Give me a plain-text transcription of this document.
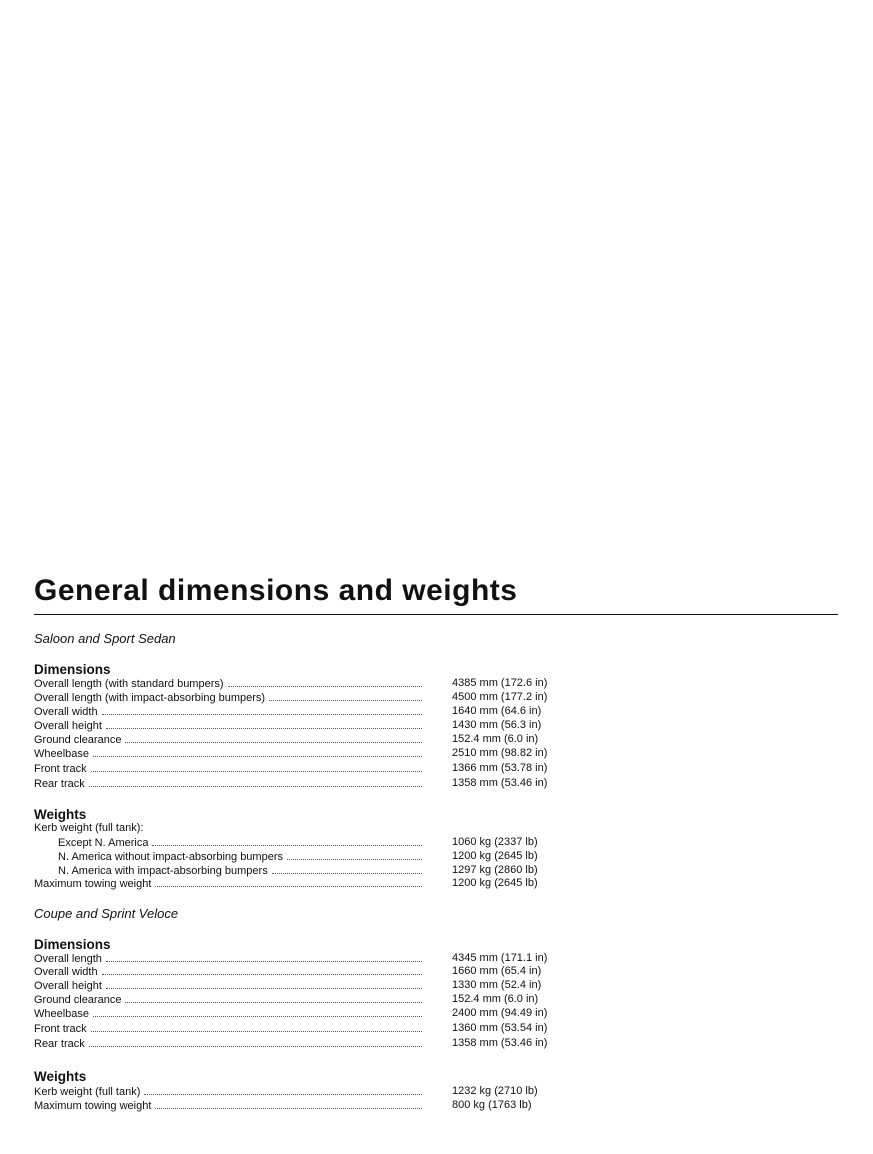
General dimensions and weights
Saloon and Sport Sedan
Dimensions
Overall length (with standard bumpers)	4385 mm (172.6 in)
Overall length (with impact-absorbing bumpers)	4500 mm (177.2 in)
Overall width	1640 mm (64.6 in)
Overall height	1430 mm (56.3 in)
Ground clearance	152.4 mm (6.0 in)
Wheelbase	2510 mm (98.82 in)
Front track	1366 mm (53.78 in)
Rear track	1358 mm (53.46 in)
Weights
Kerb weight (full tank):
Except N. America	1060 kg (2337 lb)
N. America without impact-absorbing bumpers	1200 kg (2645 lb)
N. America with impact-absorbing bumpers	1297 kg (2860 lb)
Maximum towing weight	1200 kg (2645 lb)
Coupe and Sprint Veloce
Dimensions
Overall length	4345 mm (171.1 in)
Overall width	1660 mm (65.4 in)
Overall height	1330 mm (52.4 in)
Ground clearance	152.4 mm (6.0 in)
Wheelbase	2400 mm (94.49 in)
Front track	1360 mm (53.54 in)
Rear track	1358 mm (53.46 in)
Weights
Kerb weight (full tank)	1232 kg (2710 lb)
Maximum towing weight	800 kg (1763 lb)
